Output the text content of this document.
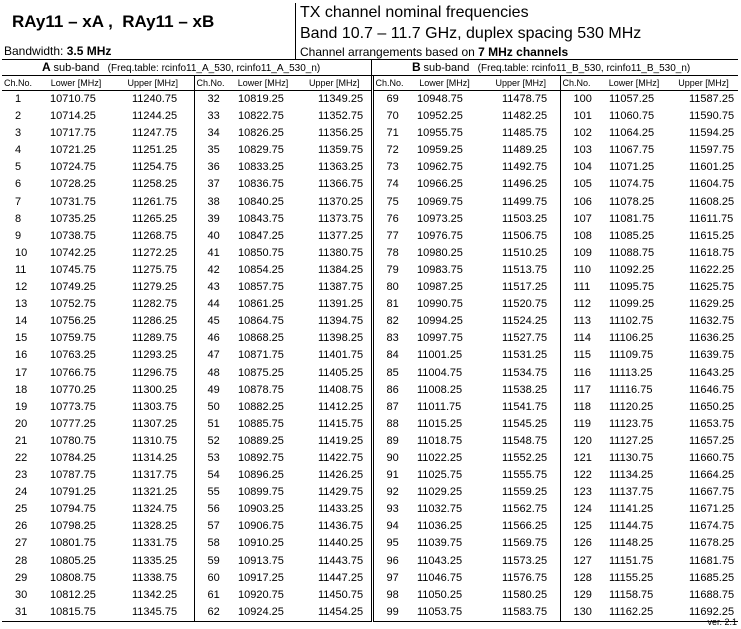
RAy11 – xA , RAy11 – xB
Bandwidth: 3.5 MHz
TX channel nominal frequencies
Band 10.7 – 11.7 GHz, duplex spacing 530 MHz
Channel arrangements based on 7 MHz channels
A sub-band (Freq.table: rcinfo11_A_530, rcinfo11_A_530_n)	B sub-band (Freq.table: rcinfo11_B_530, rcinfo11_B_530_n)
Ch.No.	Lower [MHz]	Upper [MHz]	Ch.No.	Lower [MHz]	Upper [MHz]	Ch.No.	Lower [MHz]	Upper [MHz]	Ch.No.	Lower [MHz]	Upper [MHz]
1	10710.75	11240.75	32	10819.25	11349.25	69	10948.75	11478.75	100	11057.25	11587.25
2	10714.25	11244.25	33	10822.75	11352.75	70	10952.25	11482.25	101	11060.75	11590.75
3	10717.75	11247.75	34	10826.25	11356.25	71	10955.75	11485.75	102	11064.25	11594.25
4	10721.25	11251.25	35	10829.75	11359.75	72	10959.25	11489.25	103	11067.75	11597.75
5	10724.75	11254.75	36	10833.25	11363.25	73	10962.75	11492.75	104	11071.25	11601.25
6	10728.25	11258.25	37	10836.75	11366.75	74	10966.25	11496.25	105	11074.75	11604.75
7	10731.75	11261.75	38	10840.25	11370.25	75	10969.75	11499.75	106	11078.25	11608.25
8	10735.25	11265.25	39	10843.75	11373.75	76	10973.25	11503.25	107	11081.75	11611.75
9	10738.75	11268.75	40	10847.25	11377.25	77	10976.75	11506.75	108	11085.25	11615.25
10	10742.25	11272.25	41	10850.75	11380.75	78	10980.25	11510.25	109	11088.75	11618.75
11	10745.75	11275.75	42	10854.25	11384.25	79	10983.75	11513.75	110	11092.25	11622.25
12	10749.25	11279.25	43	10857.75	11387.75	80	10987.25	11517.25	111	11095.75	11625.75
13	10752.75	11282.75	44	10861.25	11391.25	81	10990.75	11520.75	112	11099.25	11629.25
14	10756.25	11286.25	45	10864.75	11394.75	82	10994.25	11524.25	113	11102.75	11632.75
15	10759.75	11289.75	46	10868.25	11398.25	83	10997.75	11527.75	114	11106.25	11636.25
16	10763.25	11293.25	47	10871.75	11401.75	84	11001.25	11531.25	115	11109.75	11639.75
17	10766.75	11296.75	48	10875.25	11405.25	85	11004.75	11534.75	116	11113.25	11643.25
18	10770.25	11300.25	49	10878.75	11408.75	86	11008.25	11538.25	117	11116.75	11646.75
19	10773.75	11303.75	50	10882.25	11412.25	87	11011.75	11541.75	118	11120.25	11650.25
20	10777.25	11307.25	51	10885.75	11415.75	88	11015.25	11545.25	119	11123.75	11653.75
21	10780.75	11310.75	52	10889.25	11419.25	89	11018.75	11548.75	120	11127.25	11657.25
22	10784.25	11314.25	53	10892.75	11422.75	90	11022.25	11552.25	121	11130.75	11660.75
23	10787.75	11317.75	54	10896.25	11426.25	91	11025.75	11555.75	122	11134.25	11664.25
24	10791.25	11321.25	55	10899.75	11429.75	92	11029.25	11559.25	123	11137.75	11667.75
25	10794.75	11324.75	56	10903.25	11433.25	93	11032.75	11562.75	124	11141.25	11671.25
26	10798.25	11328.25	57	10906.75	11436.75	94	11036.25	11566.25	125	11144.75	11674.75
27	10801.75	11331.75	58	10910.25	11440.25	95	11039.75	11569.75	126	11148.25	11678.25
28	10805.25	11335.25	59	10913.75	11443.75	96	11043.25	11573.25	127	11151.75	11681.75
29	10808.75	11338.75	60	10917.25	11447.25	97	11046.75	11576.75	128	11155.25	11685.25
30	10812.25	11342.25	61	10920.75	11450.75	98	11050.25	11580.25	129	11158.75	11688.75
31	10815.75	11345.75	62	10924.25	11454.25	99	11053.75	11583.75	130	11162.25	11692.25
ver. 2.1
